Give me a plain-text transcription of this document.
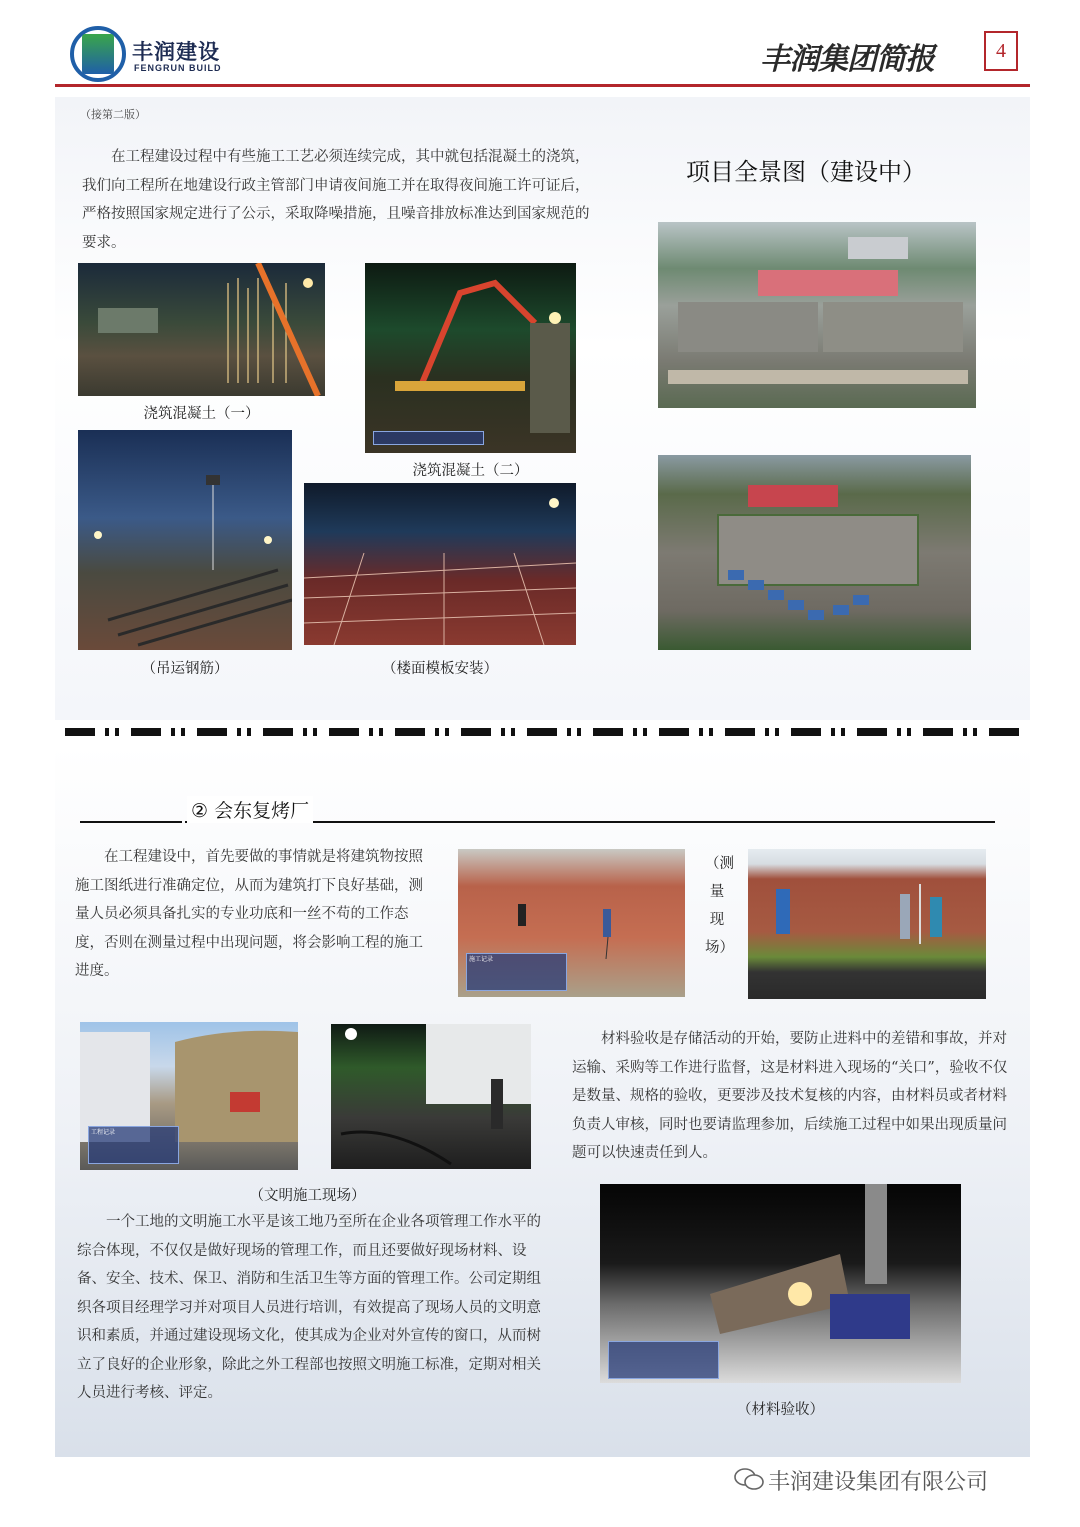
丰润建设
FENGRUN BUILD	丰润集团简报	4
（接第二版）

在工程建设过程中有些施工工艺必须连续完成，其中就包括混凝土的浇筑，我们向工程所在地建设行政主管部门申请夜间施工并在取得夜间施工许可证后，严格按照国家规定进行了公示，采取降噪措施，且噪音排放标准达到国家规范的要求。

浇筑混凝土（一）

浇筑混凝土（二）
（吊运钢筋）	（楼面模板安装）
项目全景图（建设中）
② 会东复烤厂

在工程建设中，首先要做的事情就是将建筑物按照施工图纸进行准确定位，从而为建筑打下良好基础，测量人员必须具备扎实的专业功底和一丝不苟的工作态度，否则在测量过程中出现问题，将会影响工程的施工进度。

施工记录

（测量现场）
工程记录

（文明施工现场）

一个工地的文明施工水平是该工地乃至所在企业各项管理工作水平的综合体现，不仅仅是做好现场的管理工作，而且还要做好现场材料、设备、安全、技术、保卫、消防和生活卫生等方面的管理工作。公司定期组织各项目经理学习并对项目人员进行培训，有效提高了现场人员的文明意识和素质，并通过建设现场文化，使其成为企业对外宣传的窗口，从而树立了良好的企业形象，除此之外工程部也按照文明施工标准，定期对相关人员进行考核、评定。

材料验收是存储活动的开始，要防止进料中的差错和事故，并对运输、采购等工作进行监督，这是材料进入现场的“关口”，验收不仅是数量、规格的验收，更要涉及技术复核的内容，由材料员或者材料负责人审核，同时也要请监理参加，后续施工过程中如果出现质量问题可以快速责任到人。

（材料验收）
丰润建设集团有限公司
